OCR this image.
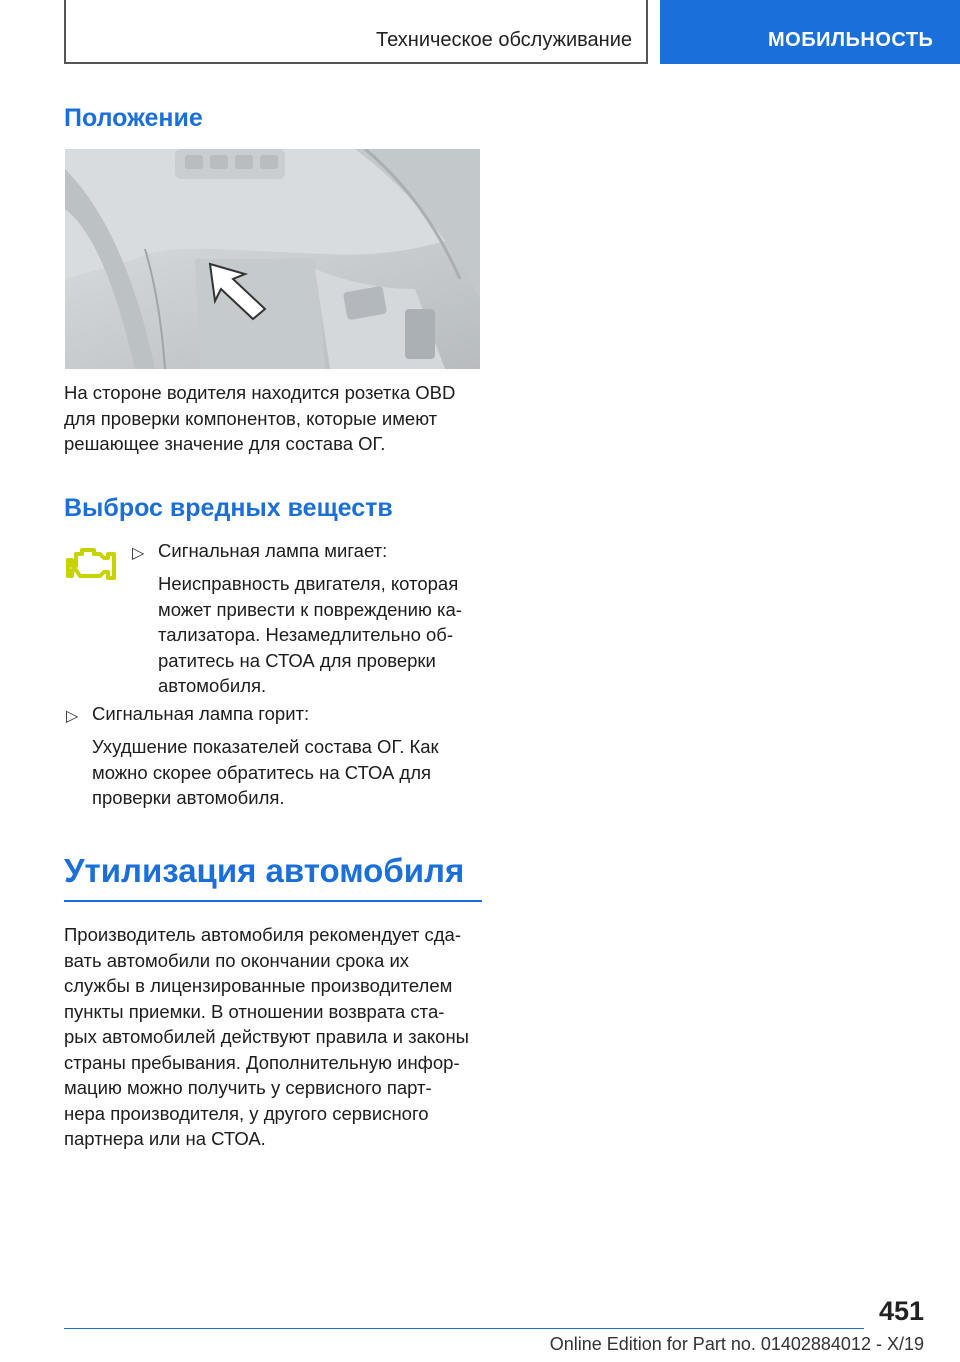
Техническое обслуживание	МОБИЛЬНОСТЬ
Положение

На стороне водителя находится розетка OBD
для проверки компонентов, которые имеют
решающее значение для состава ОГ.

Выброс вредных веществ
▷ Сигнальная лампа мигает:

Неисправность двигателя, которая
может привести к повреждению ка-
тализатора. Незамедлительно об-
ратитесь на СТОА для проверки
автомобиля.

▷ Сигнальная лампа горит:

Ухудшение показателей состава ОГ. Как
можно скорее обратитесь на СТОА для
проверки автомобиля.

Утилизация автомобиля

Производитель автомобиля рекомендует сда-
вать автомобили по окончании срока их
службы в лицензированные производителем
пункты приемки. В отношении возврата ста-
рых автомобилей действуют правила и законы
страны пребывания. Дополнительную инфор-
мацию можно получить у сервисного парт-
нера производителя, у другого сервисного
партнера или на СТОА.

451
Online Edition for Part no. 01402884012 - X/19
